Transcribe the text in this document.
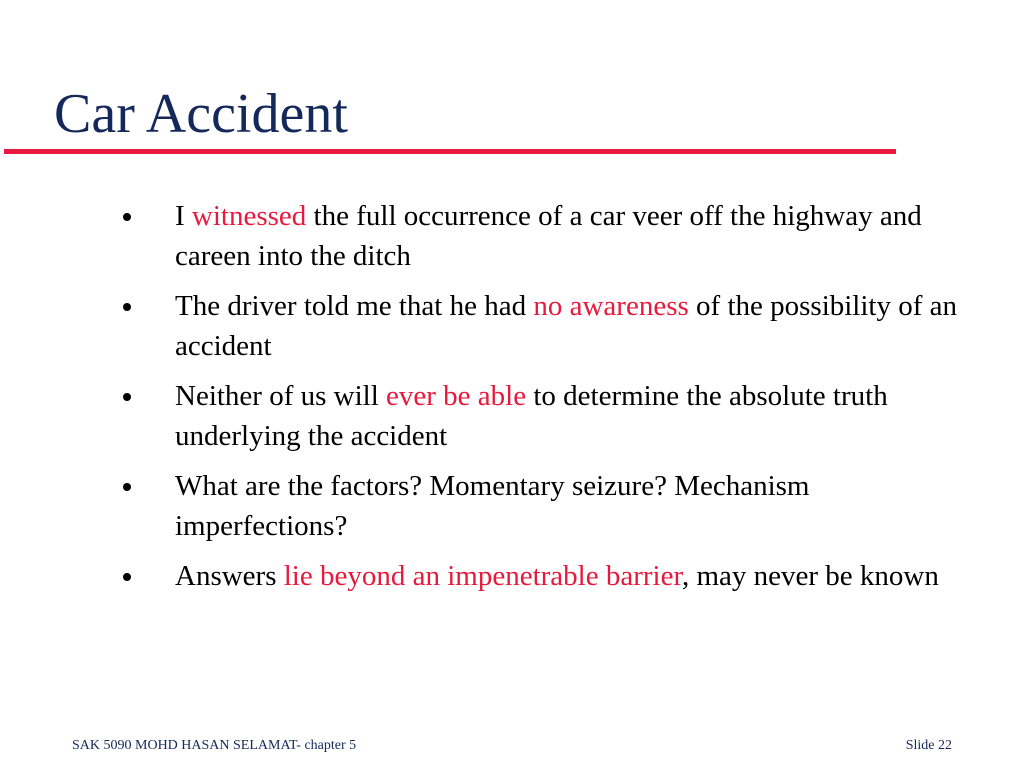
Car Accident
I witnessed the full occurrence of a car veer off the highway and careen into the ditch
The driver told me that he had no awareness of the possibility of an accident
Neither of us will ever be able to determine the absolute truth underlying the accident
What are the factors? Momentary seizure? Mechanism imperfections?
Answers lie beyond an impenetrable barrier, may never be known
SAK 5090 MOHD HASAN SELAMAT- chapter 5	Slide 22
